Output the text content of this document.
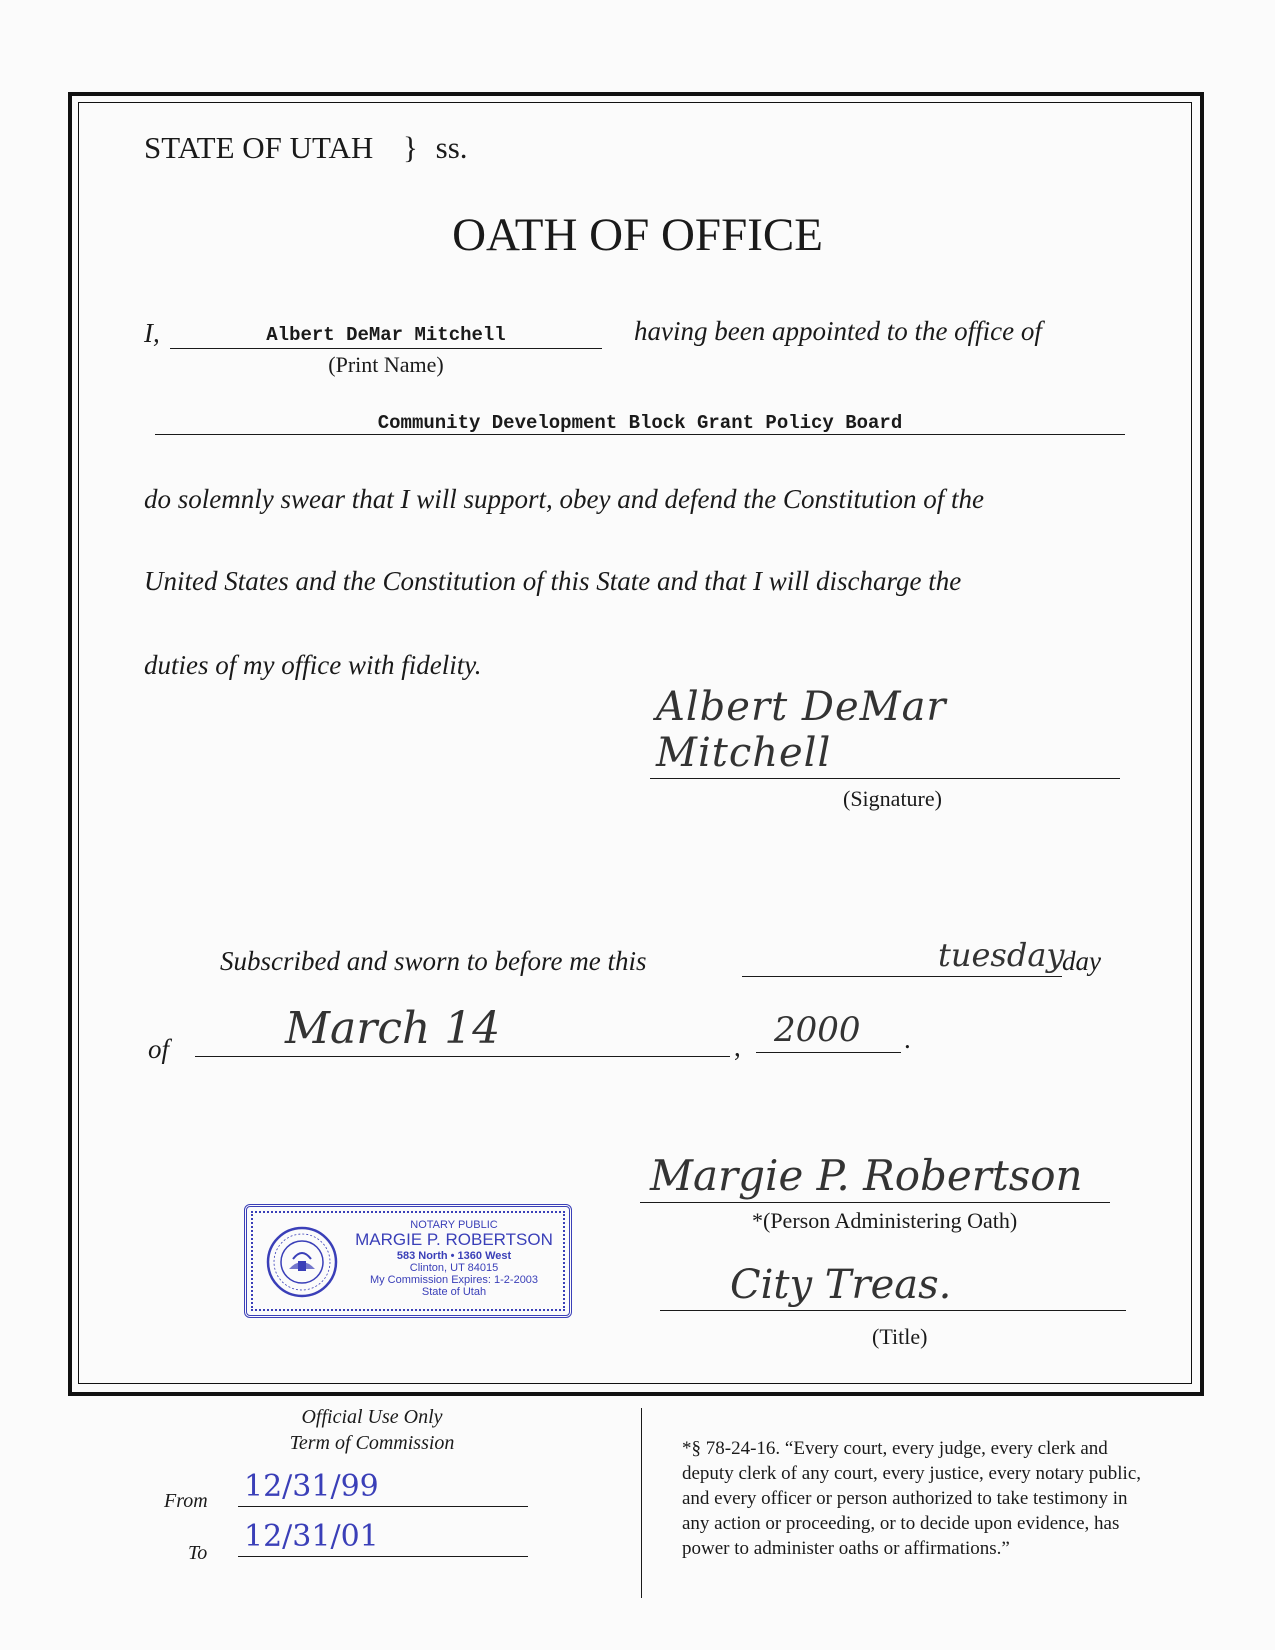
STATE OF UTAH } ss.
OATH OF OFFICE
I,	Albert DeMar Mitchell
(Print Name)
having been appointed to the office of
Community Development Block Grant Policy Board
do solemnly swear that I will support, obey and defend the Constitution of the
United States and the Constitution of this State and that I will discharge the
duties of my office with fidelity.
Albert DeMar Mitchell
(Signature)
Subscribed and sworn to before me this	tuesday
day
of	March 14	, 2000 .
Margie P. Robertson
*(Person Administering Oath)
City Treas.
(Title)
NOTARY PUBLIC
MARGIE P. ROBERTSON
583 North • 1360 West
Clinton, UT 84015
My Commission Expires: 1-2-2003
State of Utah
Official Use Only
Term of Commission
From 12/31/99
To 12/31/01
*§ 78-24-16. “Every court, every judge, every clerk and
deputy clerk of any court, every justice, every notary public,
and every officer or person authorized to take testimony in
any action or proceeding, or to decide upon evidence, has
power to administer oaths or affirmations.”
